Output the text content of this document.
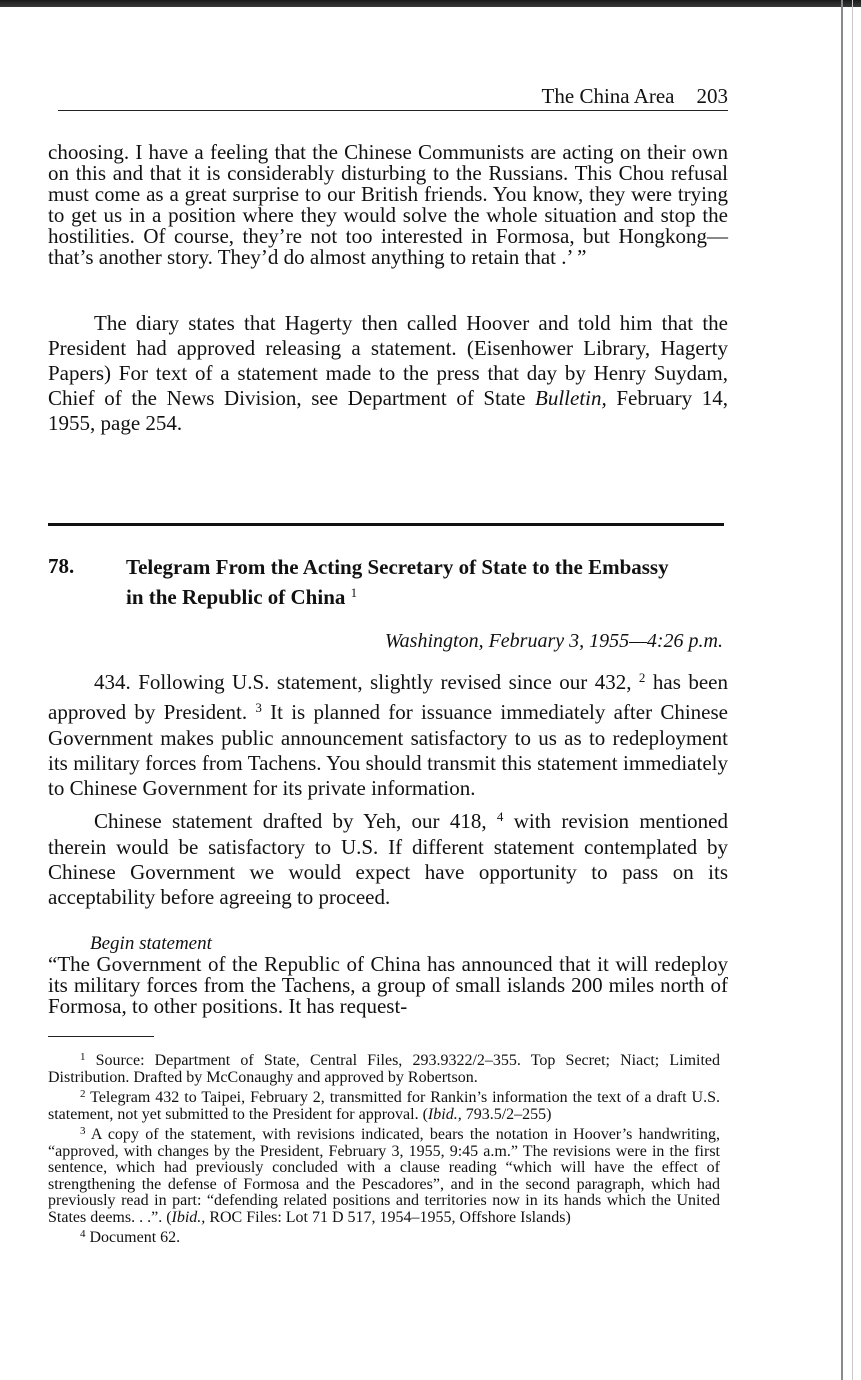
The China Area 203

choosing. I have a feeling that the Chinese Communists are acting on their own on this and that it is considerably disturbing to the Russians. This Chou refusal must come as a great surprise to our British friends. You know, they were trying to get us in a position where they would solve the whole situation and stop the hostilities. Of course, they’re not too interested in Formosa, but Hongkong—that’s another story. They’d do almost anything to retain that .’ ”

The diary states that Hagerty then called Hoover and told him that the President had approved releasing a statement. (Eisenhower Library, Hagerty Papers) For text of a statement made to the press that day by Henry Suydam, Chief of the News Division, see Department of State Bulletin, February 14, 1955, page 254.

78. Telegram From the Acting Secretary of State to the Embassy in the Republic of China $^1$
Washington, February 3, 1955—4:26 p.m.

434. Following U.S. statement, slightly revised since our 432, $^2$ has been approved by President. $^3$ It is planned for issuance immediately after Chinese Government makes public announcement satisfactory to us as to redeployment its military forces from Tachens. You should transmit this statement immediately to Chinese Government for its private information.

Chinese statement drafted by Yeh, our 418, $^4$ with revision mentioned therein would be satisfactory to U.S. If different statement contemplated by Chinese Government we would expect have opportunity to pass on its acceptability before agreeing to proceed.

Begin statement

“The Government of the Republic of China has announced that it will redeploy its military forces from the Tachens, a group of small islands 200 miles north of Formosa, to other positions. It has request-

$^1$ Source: Department of State, Central Files, 293.9322/2–355. Top Secret; Niact; Limited Distribution. Drafted by McConaughy and approved by Robertson.

$^2$ Telegram 432 to Taipei, February 2, transmitted for Rankin’s information the text of a draft U.S. statement, not yet submitted to the President for approval. (Ibid., 793.5/2–255)

$^3$ A copy of the statement, with revisions indicated, bears the notation in Hoover’s handwriting, “approved, with changes by the President, February 3, 1955, 9:45 a.m.” The revisions were in the first sentence, which had previously concluded with a clause reading “which will have the effect of strengthening the defense of Formosa and the Pescadores”, and in the second paragraph, which had previously read in part: “defending related positions and territories now in its hands which the United States deems. . .”. (Ibid., ROC Files: Lot 71 D 517, 1954–1955, Offshore Islands)

$^4$ Document 62.
